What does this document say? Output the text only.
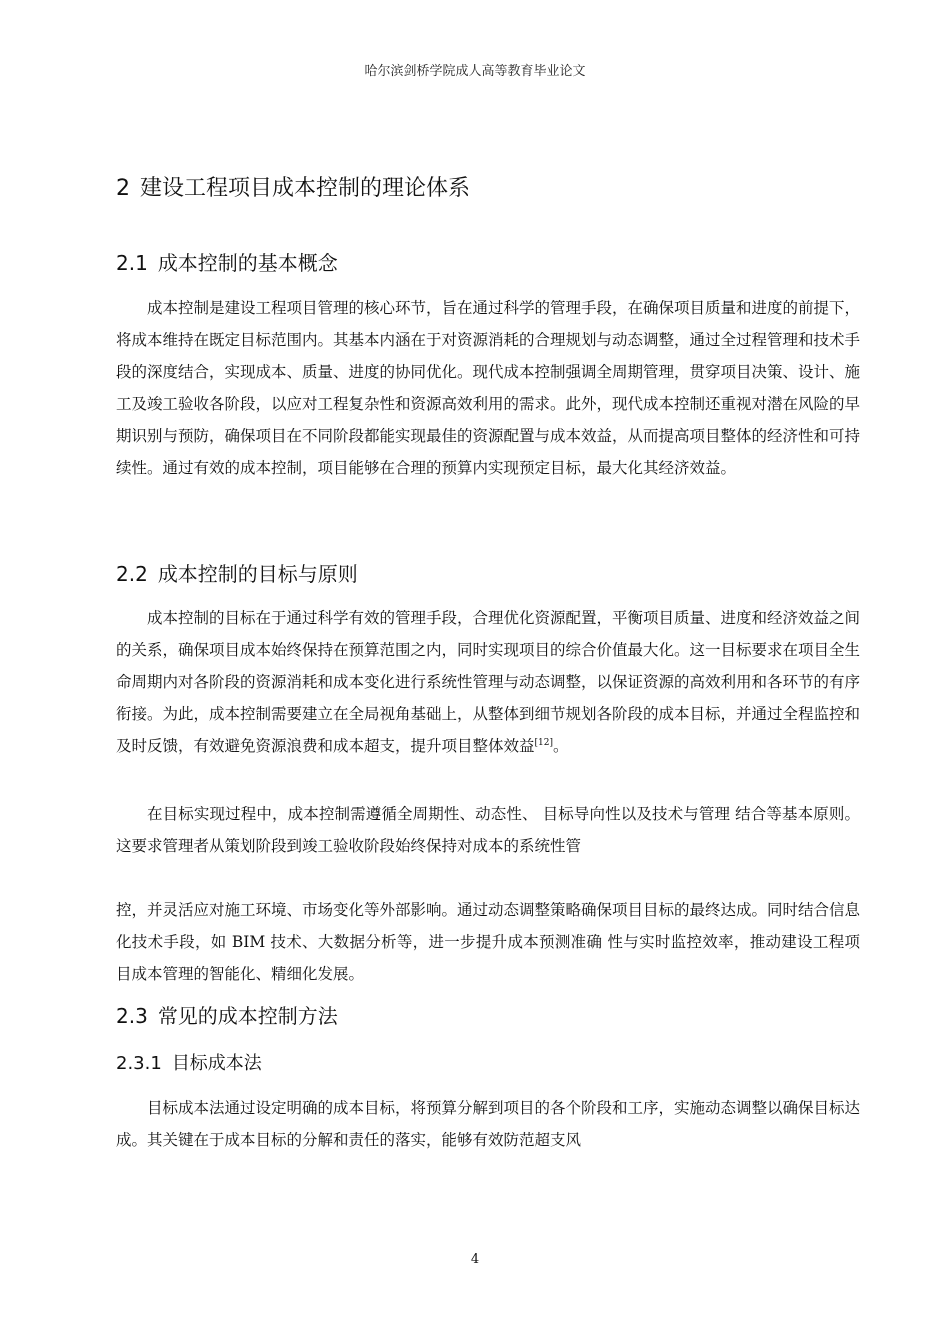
哈尔滨剑桥学院成人高等教育毕业论文
2 建设工程项目成本控制的理论体系
2.1 成本控制的基本概念

成本控制是建设工程项目管理的核心环节，旨在通过科学的管理手段，在确保项目质量和进度的前提下，将成本维持在既定目标范围内。其基本内涵在于对资源消耗的合理规划与动态调整，通过全过程管理和技术手段的深度结合，实现成本、质量、进度的协同优化。现代成本控制强调全周期管理，贯穿项目决策、设计、施工及竣工验收各阶段，以应对工程复杂性和资源高效利用的需求。此外，现代成本控制还重视对潜在风险的早期识别与预防，确保项目在不同阶段都能实现最佳的资源配置与成本效益，从而提高项目整体的经济性和可持续性。通过有效的成本控制，项目能够在合理的预算内实现预定目标，最大化其经济效益。

2.2 成本控制的目标与原则

成本控制的目标在于通过科学有效的管理手段，合理优化资源配置，平衡项目质量、进度和经济效益之间的关系，确保项目成本始终保持在预算范围之内，同时实现项目的综合价值最大化。这一目标要求在项目全生命周期内对各阶段的资源消耗和成本变化进行系统性管理与动态调整，以保证资源的高效利用和各环节的有序衔接。为此，成本控制需要建立在全局视角基础上，从整体到细节规划各阶段的成本目标，并通过全程监控和及时反馈，有效避免资源浪费和成本超支，提升项目整体效益[12]。

在目标实现过程中，成本控制需遵循全周期性、动态性、 目标导向性以及技术与管理 结合等基本原则。这要求管理者从策划阶段到竣工验收阶段始终保持对成本的系统性管

控，并灵活应对施工环境、市场变化等外部影响。通过动态调整策略确保项目目标的最终达成。同时结合信息化技术手段，如 BIM 技术、大数据分析等，进一步提升成本预测准确 性与实时监控效率，推动建设工程项目成本管理的智能化、精细化发展。

2.3 常见的成本控制方法
2.3.1 目标成本法

目标成本法通过设定明确的成本目标，将预算分解到项目的各个阶段和工序，实施动态调整以确保目标达成。其关键在于成本目标的分解和责任的落实，能够有效防范超支风

4
